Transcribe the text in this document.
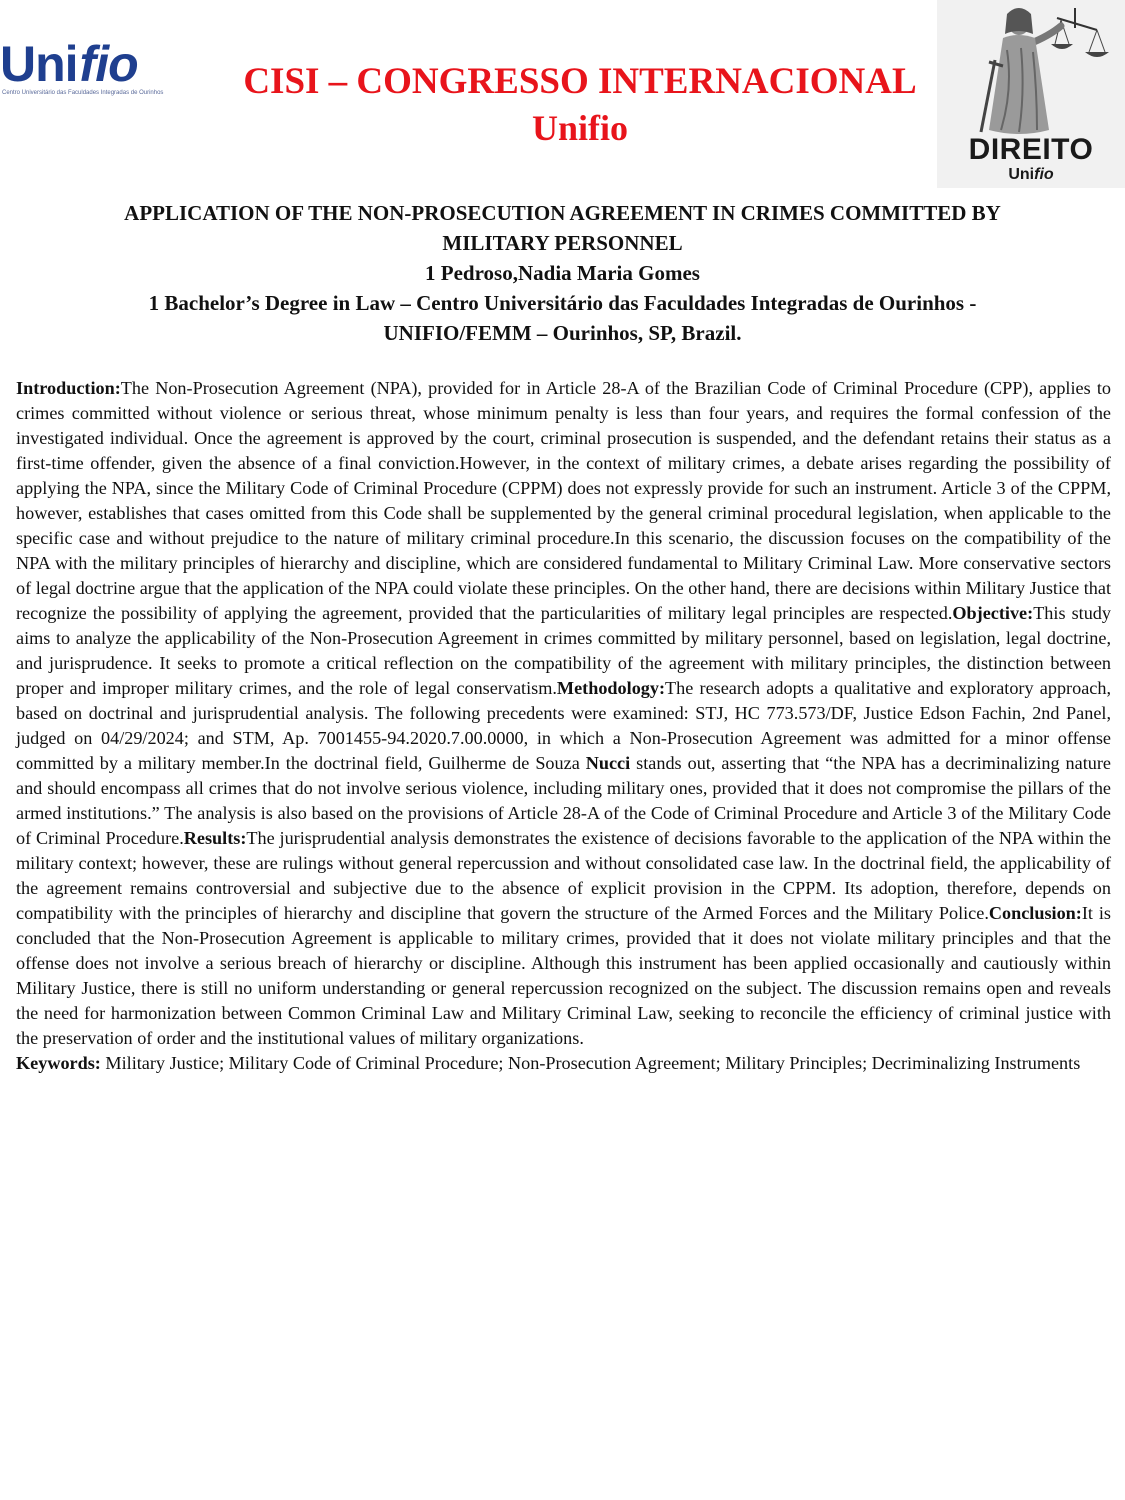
Unifio
Centro Universitário das Faculdades Integradas de Ourinhos	CISI – CONGRESSO INTERNACIONAL
Unifio
DIREITO
Unifio
APPLICATION OF THE NON-PROSECUTION AGREEMENT IN CRIMES COMMITTED BY
MILITARY PERSONNEL
1 Pedroso,Nadia Maria Gomes
1 Bachelor’s Degree in Law – Centro Universitário das Faculdades Integradas de Ourinhos -
UNIFIO/FEMM – Ourinhos, SP, Brazil.

Introduction:The Non-Prosecution Agreement (NPA), provided for in Article 28-A of the Brazilian Code of Criminal Procedure (CPP), applies to crimes committed without violence or serious threat, whose minimum penalty is less than four years, and requires the formal confession of the investigated individual. Once the agreement is approved by the court, criminal prosecution is suspended, and the defendant retains their status as a first-time offender, given the absence of a final conviction.However, in the context of military crimes, a debate arises regarding the possibility of applying the NPA, since the Military Code of Criminal Procedure (CPPM) does not expressly provide for such an instrument. Article 3 of the CPPM, however, establishes that cases omitted from this Code shall be supplemented by the general criminal procedural legislation, when applicable to the specific case and without prejudice to the nature of military criminal procedure.In this scenario, the discussion focuses on the compatibility of the NPA with the military principles of hierarchy and discipline, which are considered fundamental to Military Criminal Law. More conservative sectors of legal doctrine argue that the application of the NPA could violate these principles. On the other hand, there are decisions within Military Justice that recognize the possibility of applying the agreement, provided that the particularities of military legal principles are respected.Objective:This study aims to analyze the applicability of the Non-Prosecution Agreement in crimes committed by military personnel, based on legislation, legal doctrine, and jurisprudence. It seeks to promote a critical reflection on the compatibility of the agreement with military principles, the distinction between proper and improper military crimes, and the role of legal conservatism.Methodology:The research adopts a qualitative and exploratory approach, based on doctrinal and jurisprudential analysis. The following precedents were examined: STJ, HC 773.573/DF, Justice Edson Fachin, 2nd Panel, judged on 04/29/2024; and STM, Ap. 7001455-94.2020.7.00.0000, in which a Non-Prosecution Agreement was admitted for a minor offense committed by a military member.In the doctrinal field, Guilherme de Souza Nucci stands out, asserting that “the NPA has a decriminalizing nature and should encompass all crimes that do not involve serious violence, including military ones, provided that it does not compromise the pillars of the armed institutions.” The analysis is also based on the provisions of Article 28-A of the Code of Criminal Procedure and Article 3 of the Military Code of Criminal Procedure.Results:The jurisprudential analysis demonstrates the existence of decisions favorable to the application of the NPA within the military context; however, these are rulings without general repercussion and without consolidated case law. In the doctrinal field, the applicability of the agreement remains controversial and subjective due to the absence of explicit provision in the CPPM. Its adoption, therefore, depends on compatibility with the principles of hierarchy and discipline that govern the structure of the Armed Forces and the Military Police.Conclusion:It is concluded that the Non-Prosecution Agreement is applicable to military crimes, provided that it does not violate military principles and that the offense does not involve a serious breach of hierarchy or discipline. Although this instrument has been applied occasionally and cautiously within Military Justice, there is still no uniform understanding or general repercussion recognized on the subject. The discussion remains open and reveals the need for harmonization between Common Criminal Law and Military Criminal Law, seeking to reconcile the efficiency of criminal justice with the preservation of order and the institutional values of military organizations.

Keywords: Military Justice; Military Code of Criminal Procedure; Non-Prosecution Agreement; Military Principles; Decriminalizing Instruments
